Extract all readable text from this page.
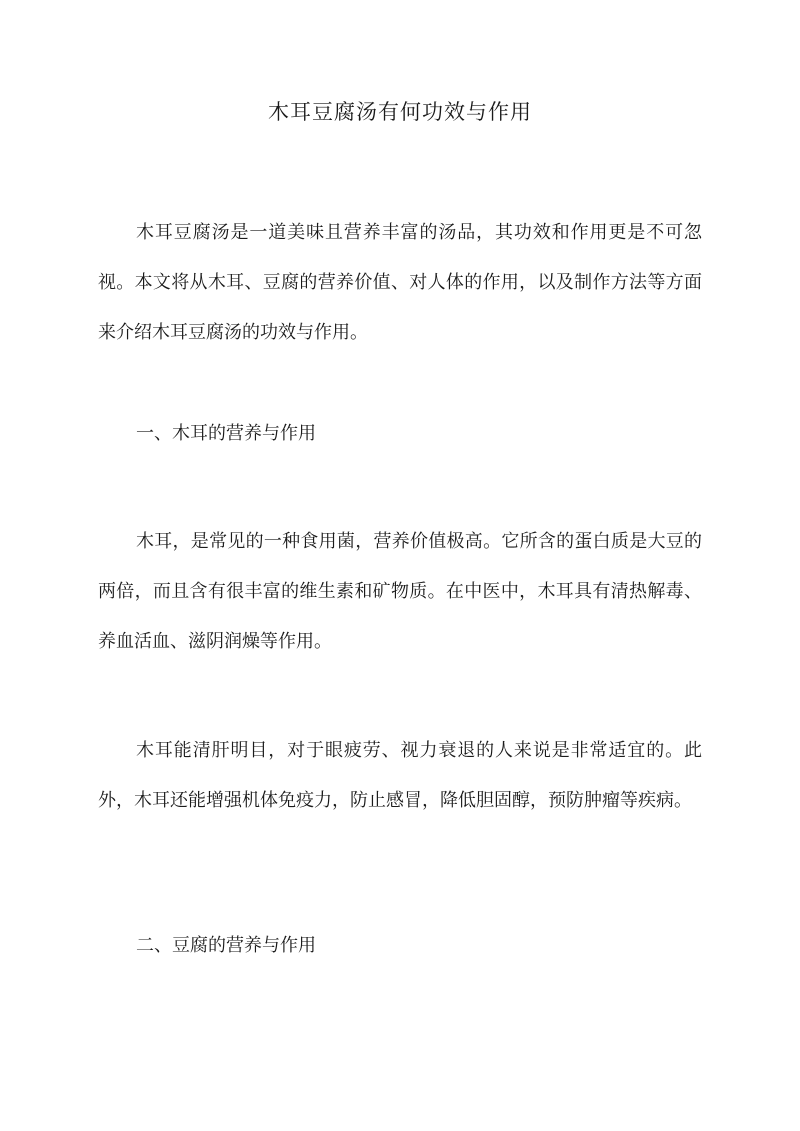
木耳豆腐汤有何功效与作用

木耳豆腐汤是一道美味且营养丰富的汤品，其功效和作用更是不可忽视。本文将从木耳、豆腐的营养价值、对人体的作用，以及制作方法等方面来介绍木耳豆腐汤的功效与作用。

一、木耳的营养与作用

木耳，是常见的一种食用菌，营养价值极高。它所含的蛋白质是大豆的两倍，而且含有很丰富的维生素和矿物质。在中医中，木耳具有清热解毒、养血活血、滋阴润燥等作用。

木耳能清肝明目，对于眼疲劳、视力衰退的人来说是非常适宜的。此外，木耳还能增强机体免疫力，防止感冒，降低胆固醇，预防肿瘤等疾病。

二、豆腐的营养与作用
